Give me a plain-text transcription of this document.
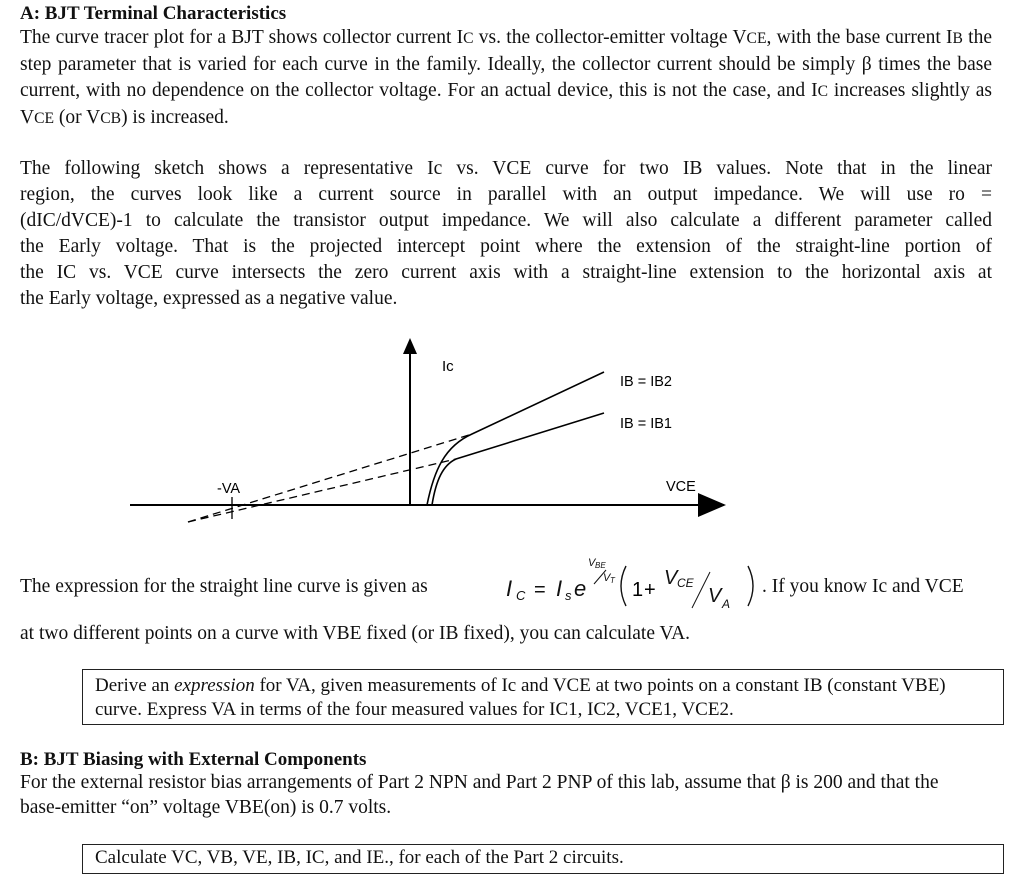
A: BJT Terminal Characteristics
The curve tracer plot for a BJT shows collector current IC vs. the collector-emitter voltage VCE, with the base current IB the step parameter that is varied for each curve in the family. Ideally, the collector current should be simply β times the base current, with no dependence on the collector voltage. For an actual device, this is not the case, and IC increases slightly as VCE (or VCB) is increased.
The following sketch shows a representative Ic vs. VCE curve for two IB values. Note that in the linear
region, the curves look like a current source in parallel with an output impedance. We will use ro =
(dIC/dVCE)-1 to calculate the transistor output impedance. We will also calculate a different parameter called
the Early voltage. That is the projected intercept point where the extension of the straight-line portion of
the IC vs. VCE curve intersects the zero current axis with a straight-line extension to the horizontal axis at
the Early voltage, expressed as a negative value.
Ic
IB = IB2
IB = IB1
VCE
-VA
The expression for the straight line curve is given as	I C = I s e
V BE
V T 1 +
V CE
V A
. If you know Ic and VCE
at two different points on a curve with VBE fixed (or IB fixed), you can calculate VA.
Derive an expression for VA, given measurements of Ic and VCE at two points on a constant IB (constant VBE)
curve. Express VA in terms of the four measured values for IC1, IC2, VCE1, VCE2.
B: BJT Biasing with External Components
For the external resistor bias arrangements of Part 2 NPN and Part 2 PNP of this lab, assume that β is 200 and that the
base-emitter “on” voltage VBE(on) is 0.7 volts.
Calculate VC, VB, VE, IB, IC, and IE., for each of the Part 2 circuits.
